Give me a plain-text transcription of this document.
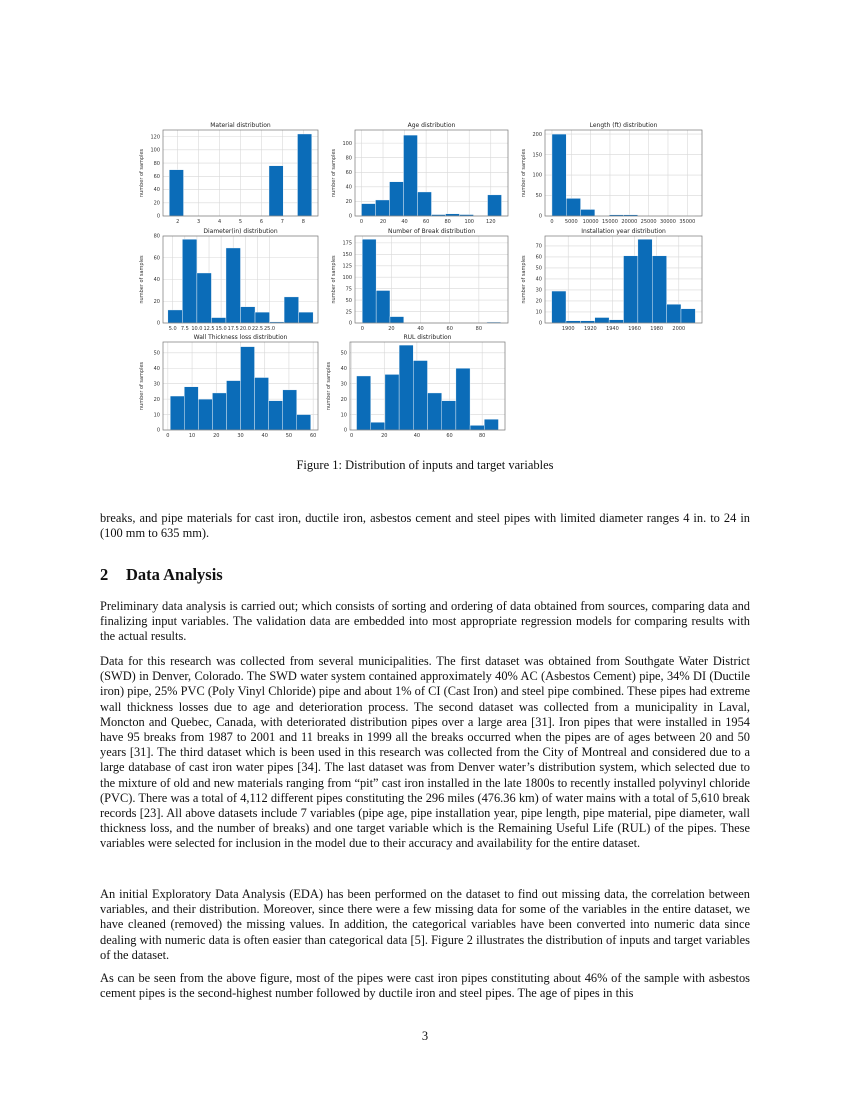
2	3	4	5	6	7	8
0
20
40
60
80
100
120
Material distribution
number of samples
0	20	40	60	80	100 120
0
20
40
60
80
100
Age distribution
number of samples
0 5000 10000 15000 20000 25000 30000 35000
0
50
100
150
200
Length (ft) distribution
number of samples
5.0 7.5 10.0 12.5 15.0 17.5 20.0 22.5 25.0
0
20
40
60
80
Diameter(in) distribution
number of samples
0	20	40	60	80
0
25
50
75
100
125
150
175
Number of Break distribution
number of samples
1900 1920 1940 1960 1980 2000
0
10
20
30
40
50
60
70
Installation year distribution
number of samples
0	10	20	30	40	50	60
0
10
20
30
40
50
Wall Thickness loss distribution
number of samples
0	20	40	60	80
0
10
20
30
40
50
RUL distribution
number of samples
Figure 1: Distribution of inputs and target variables

breaks, and pipe materials for cast iron, ductile iron, asbestos cement and steel pipes with limited diameter ranges 4 in. to 24 in (100 mm to 635 mm).

2 Data Analysis

Preliminary data analysis is carried out; which consists of sorting and ordering of data obtained from sources, comparing data and finalizing input variables. The validation data are embedded into most appropriate regression models for comparing results with the actual results.

Data for this research was collected from several municipalities. The first dataset was obtained from Southgate Water District (SWD) in Denver, Colorado. The SWD water system contained approximately 40% AC (Asbestos Cement) pipe, 34% DI (Ductile iron) pipe, 25% PVC (Poly Vinyl Chloride) pipe and about 1% of CI (Cast Iron) and steel pipe combined. These pipes had extreme wall thickness losses due to age and deterioration process. The second dataset was collected from a municipality in Laval, Moncton and Quebec, Canada, with deteriorated distribution pipes over a large area [31]. Iron pipes that were installed in 1954 have 95 breaks from 1987 to 2001 and 11 breaks in 1999 all the breaks occurred when the pipes are of ages between 20 and 50 years [31]. The third dataset which is been used in this research was collected from the City of Montreal and considered due to a large database of cast iron water pipes [34]. The last dataset was from Denver water’s distribution system, which selected due to the mixture of old and new materials ranging from “pit” cast iron installed in the late 1800s to recently installed polyvinyl chloride (PVC). There was a total of 4,112 different pipes constituting the 296 miles (476.36 km) of water mains with a total of 5,610 break records [23]. All above datasets include 7 variables (pipe age, pipe installation year, pipe length, pipe material, pipe diameter, wall thickness loss, and the number of breaks) and one target variable which is the Remaining Useful Life (RUL) of the pipes. These variables were selected for inclusion in the model due to their accuracy and availability for the entire dataset.

An initial Exploratory Data Analysis (EDA) has been performed on the dataset to find out missing data, the correlation between variables, and their distribution. Moreover, since there were a few missing data for some of the variables in the entire dataset, we have cleaned (removed) the missing values. In addition, the categorical variables have been converted into numeric data since dealing with numeric data is often easier than categorical data [5]. Figure 2 illustrates the distribution of inputs and target variables of the dataset.

As can be seen from the above figure, most of the pipes were cast iron pipes constituting about 46% of the sample with asbestos cement pipes is the second-highest number followed by ductile iron and steel pipes. The age of pipes in this

3
